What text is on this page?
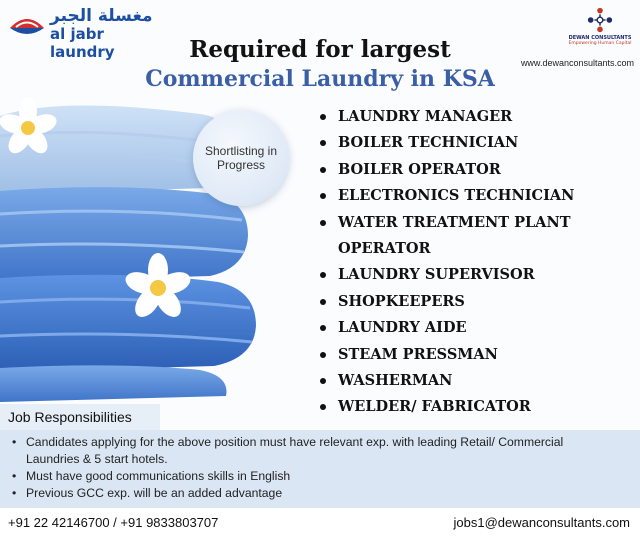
مغسلة الجبر
al jabr laundry
DEWAN CONSULTANTS
Empowering Human Capital
www.dewanconsultants.com
Required for largest
Commercial Laundry in KSA
Shortlisting in Progress
LAUNDRY MANAGER
BOILER TECHNICIAN
BOILER OPERATOR
ELECTRONICS TECHNICIAN
WATER TREATMENT PLANT OPERATOR
LAUNDRY SUPERVISOR
SHOPKEEPERS
LAUNDRY AIDE
STEAM PRESSMAN
WASHERMAN
WELDER/ FABRICATOR
Job Responsibilities
• Candidates applying for the above position must have relevant exp. with leading Retail/ Commercial Laundries & 5 start hotels.
• Must have good communications skills in English
• Previous GCC exp. will be an added advantage
+91 22 42146700 / +91 9833803707	jobs1@dewanconsultants.com
